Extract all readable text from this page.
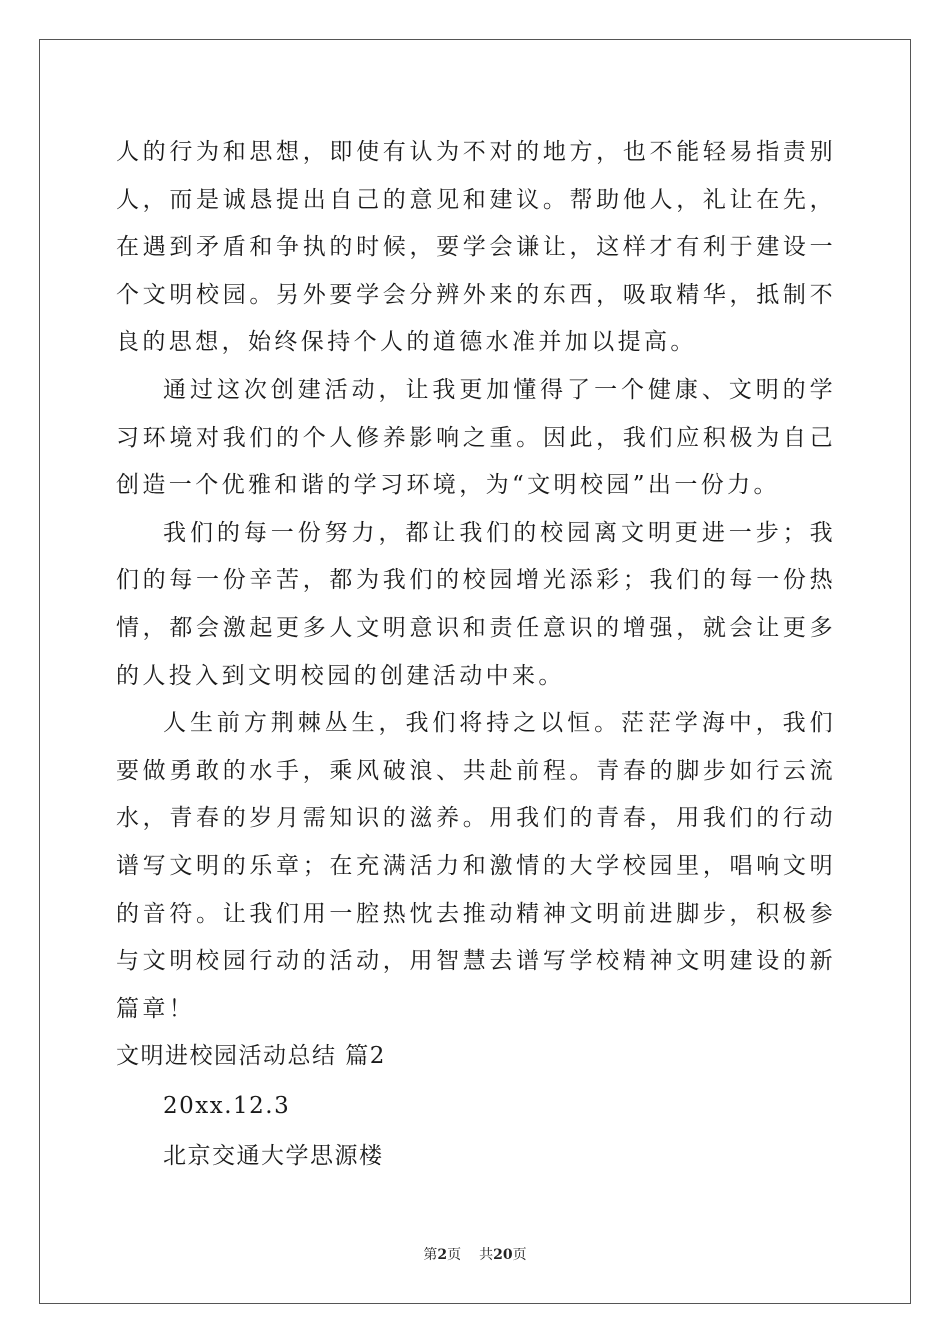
人的行为和思想，即使有认为不对的地方，也不能轻易指责别人，而是诚恳提出自己的意见和建议。帮助他人，礼让在先，在遇到矛盾和争执的时候，要学会谦让，这样才有利于建设一个文明校园。另外要学会分辨外来的东西，吸取精华，抵制不良的思想，始终保持个人的道德水准并加以提高。

通过这次创建活动，让我更加懂得了一个健康、文明的学习环境对我们的个人修养影响之重。因此，我们应积极为自己创造一个优雅和谐的学习环境，为“文明校园”出一份力。

我们的每一份努力，都让我们的校园离文明更进一步；我们的每一份辛苦，都为我们的校园增光添彩；我们的每一份热情，都会激起更多人文明意识和责任意识的增强，就会让更多的人投入到文明校园的创建活动中来。

人生前方荆棘丛生，我们将持之以恒。茫茫学海中，我们要做勇敢的水手，乘风破浪、共赴前程。青春的脚步如行云流水，青春的岁月需知识的滋养。用我们的青春，用我们的行动谱写文明的乐章；在充满活力和激情的大学校园里，唱响文明的音符。让我们用一腔热忱去推动精神文明前进脚步，积极参与文明校园行动的活动，用智慧去谱写学校精神文明建设的新篇章！

文明进校园活动总结 篇2

20xx.12.3

北京交通大学思源楼

第2页 共20页
